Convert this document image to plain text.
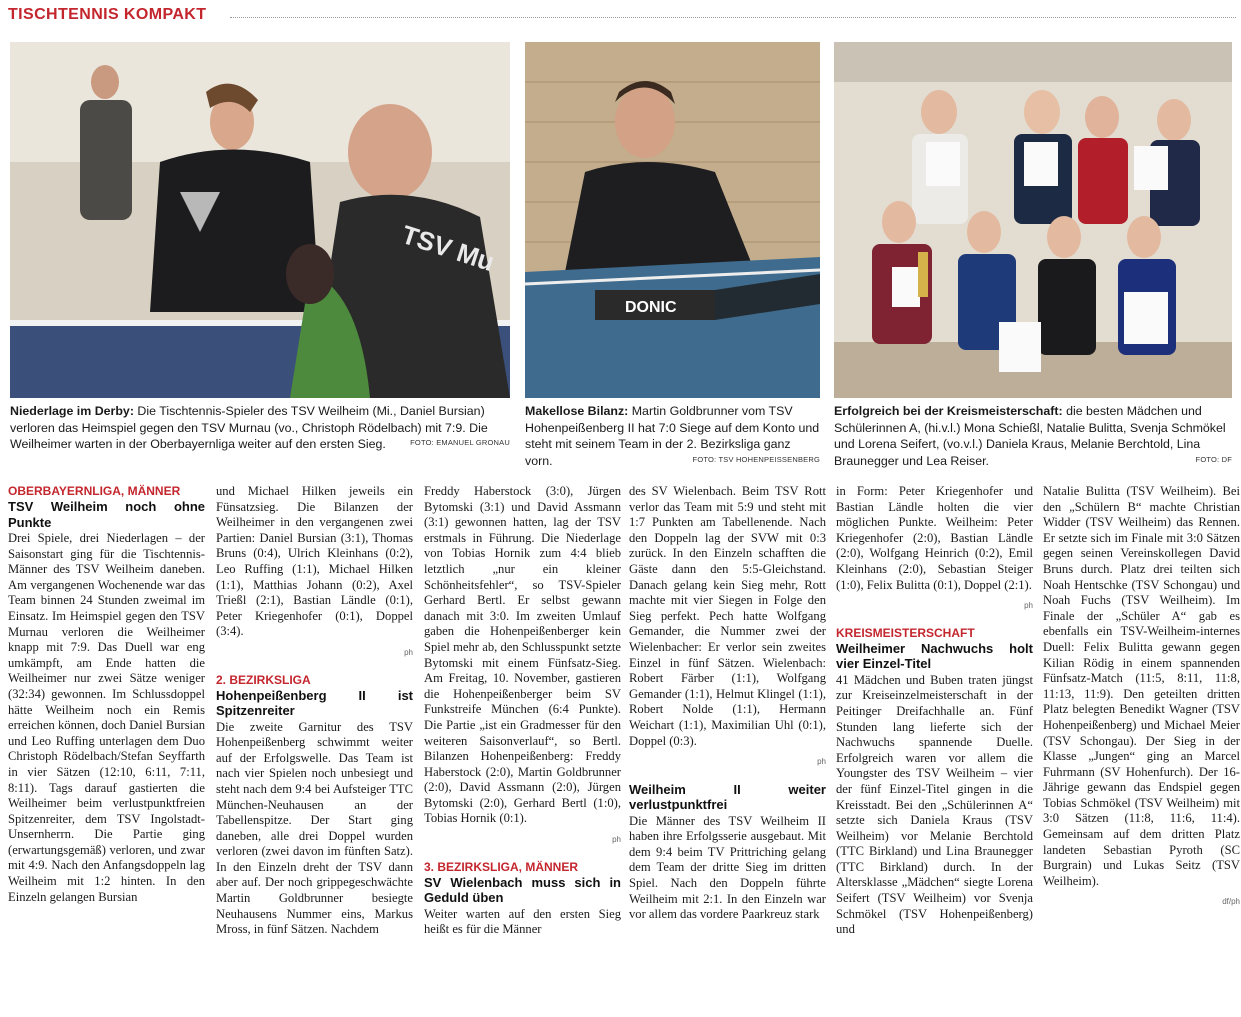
TISCHTENNIS KOMPAKT
TSV Mu
DONIC
Niederlage im Derby: Die Tischtennis-Spieler des TSV Weilheim (Mi., Daniel Bursian) verloren das Heimspiel gegen den TSV Murnau (vo., Christoph Rödelbach) mit 7:9. Die Weilheimer warten in der Oberbayernliga weiter auf den ersten Sieg.	FOTO: EMANUEL GRONAU
Makellose Bilanz: Martin Goldbrunner vom TSV Hohenpeißenberg II hat 7:0 Siege auf dem Konto und steht mit seinem Team in der 2. Bezirksliga ganz vorn.	FOTO: TSV HOHENPEISSENBERG
Erfolgreich bei der Kreismeisterschaft: die besten Mädchen und Schülerinnen A, (hi.v.l.) Mona Schießl, Natalie Bulitta, Svenja Schmökel und Lorena Seifert, (vo.v.l.) Daniela Kraus, Melanie Berchtold, Lina Braunegger und Lea Reiser.	FOTO: DF
OBERBAYERNLIGA, MÄNNER
TSV Weilheim noch ohne Punkte

Drei Spiele, drei Niederlagen – der Saisonstart ging für die Tischtennis-Männer des TSV Weilheim daneben. Am vergangenen Wochenende war das Team binnen 24 Stunden zweimal im Einsatz. Im Heimspiel gegen den TSV Murnau verloren die Weilheimer knapp mit 7:9. Das Duell war eng umkämpft, am Ende hatten die Weilheimer nur zwei Sätze weniger (32:34) gewonnen. Im Schlussdoppel hätte Weilheim noch ein Remis erreichen können, doch Daniel Bursian und Leo Ruffing unterlagen dem Duo Christoph Rödelbach/Stefan Seyffarth in vier Sätzen (12:10, 6:11, 7:11, 8:11). Tags darauf gastierten die Weilheimer beim verlustpunktfreien Spitzenreiter, dem TSV Ingolstadt-Unsernherrn. Die Partie ging (erwartungsgemäß) verloren, und zwar mit 4:9. Nach den Anfangsdoppeln lag Weilheim mit 1:2 hinten. In den Einzeln gelangen Bursian

und Michael Hilken jeweils ein Fünsatzsieg. Die Bilanzen der Weilheimer in den vergangenen zwei Partien: Daniel Bursian (3:1), Thomas Bruns (0:4), Ulrich Kleinhans (0:2), Leo Ruffing (1:1), Michael Hilken (1:1), Matthias Johann (0:2), Axel Trießl (2:1), Bastian Ländle (0:1), Peter Kriegenhofer (0:1), Doppel (3:4).

ph
2. BEZIRKSLIGA
Hohenpeißenberg II ist Spitzenreiter

Die zweite Garnitur des TSV Hohenpeißenberg schwimmt weiter auf der Erfolgswelle. Das Team ist nach vier Spielen noch unbesiegt und steht nach dem 9:4 bei Aufsteiger TTC München-Neuhausen an der Tabellenspitze. Der Start ging daneben, alle drei Doppel wurden verloren (zwei davon im fünften Satz). In den Einzeln dreht der TSV dann aber auf. Der noch grippegeschwächte Martin Goldbrunner besiegte Neuhausens Nummer eins, Markus Mross, in fünf Sätzen. Nachdem

Freddy Haberstock (3:0), Jürgen Bytomski (3:1) und David Assmann (3:1) gewonnen hatten, lag der TSV erstmals in Führung. Die Niederlage von Tobias Hornik zum 4:4 blieb letztlich „nur ein kleiner Schönheitsfehler“, so TSV-Spieler Gerhard Bertl. Er selbst gewann danach mit 3:0. Im zweiten Umlauf gaben die Hohenpeißenberger kein Spiel mehr ab, den Schlusspunkt setzte Bytomski mit einem Fünfsatz-Sieg. Am Freitag, 10. November, gastieren die Hohenpeißenberger beim SV Funkstreife München (6:4 Punkte). Die Partie „ist ein Gradmesser für den weiteren Saisonverlauf“, so Bertl. Bilanzen Hohenpeißenberg: Freddy Haberstock (2:0), Martin Goldbrunner (2:0), David Assmann (2:0), Jürgen Bytomski (2:0), Gerhard Bertl (1:0), Tobias Hornik (0:1).

ph
3. BEZIRKSLIGA, MÄNNER
SV Wielenbach muss sich in Geduld üben

Weiter warten auf den ersten Sieg heißt es für die Männer

des SV Wielenbach. Beim TSV Rott verlor das Team mit 5:9 und steht mit 1:7 Punkten am Tabellenende. Nach den Doppeln lag der SVW mit 0:3 zurück. In den Einzeln schafften die Gäste dann den 5:5-Gleichstand. Danach gelang kein Sieg mehr, Rott machte mit vier Siegen in Folge den Sieg perfekt. Pech hatte Wolfgang Gemander, die Nummer zwei der Wielenbacher: Er verlor sein zweites Einzel in fünf Sätzen. Wielenbach: Robert Färber (1:1), Wolfgang Gemander (1:1), Helmut Klingel (1:1), Robert Nolde (1:1), Hermann Weichart (1:1), Maximilian Uhl (0:1), Doppel (0:3).

ph
Weilheim II weiter verlustpunktfrei

Die Männer des TSV Weilheim II haben ihre Erfolgsserie ausgebaut. Mit dem 9:4 beim TV Prittriching gelang dem Team der dritte Sieg im dritten Spiel. Nach den Doppeln führte Weilheim mit 2:1. In den Einzeln war vor allem das vordere Paarkreuz stark

in Form: Peter Kriegenhofer und Bastian Ländle holten die vier möglichen Punkte. Weilheim: Peter Kriegenhofer (2:0), Bastian Ländle (2:0), Wolfgang Heinrich (0:2), Emil Kleinhans (2:0), Sebastian Steiger (1:0), Felix Bulitta (0:1), Doppel (2:1).

ph
KREISMEISTERSCHAFT
Weilheimer Nachwuchs holt vier Einzel-Titel

41 Mädchen und Buben traten jüngst zur Kreiseinzelmeisterschaft in der Peitinger Dreifachhalle an. Fünf Stunden lang lieferte sich der Nachwuchs spannende Duelle. Erfolgreich waren vor allem die Youngster des TSV Weilheim – vier der fünf Einzel-Titel gingen in die Kreisstadt. Bei den „Schülerinnen A“ setzte sich Daniela Kraus (TSV Weilheim) vor Melanie Berchtold (TTC Birkland) und Lina Braunegger (TTC Birkland) durch. In der Altersklasse „Mädchen“ siegte Lorena Seifert (TSV Weilheim) vor Svenja Schmökel (TSV Hohenpeißenberg) und

Natalie Bulitta (TSV Weilheim). Bei den „Schülern B“ machte Christian Widder (TSV Weilheim) das Rennen. Er setzte sich im Finale mit 3:0 Sätzen gegen seinen Vereinskollegen David Bruns durch. Platz drei teilten sich Noah Hentschke (TSV Schongau) und Noah Fuchs (TSV Weilheim). Im Finale der „Schüler A“ gab es ebenfalls ein TSV-Weilheim-internes Duell: Felix Bulitta gewann gegen Kilian Rödig in einem spannenden Fünfsatz-Match (11:5, 8:11, 11:8, 11:13, 11:9). Den geteilten dritten Platz belegten Benedikt Wagner (TSV Hohenpeißenberg) und Michael Meier (TSV Schongau). Der Sieg in der Klasse „Jungen“ ging an Marcel Fuhrmann (SV Hohenfurch). Der 16-Jährige gewann das Endspiel gegen Tobias Schmökel (TSV Weilheim) mit 3:0 Sätzen (11:8, 11:6, 11:4). Gemeinsam auf dem dritten Platz landeten Sebastian Pyroth (SC Burgrain) und Lukas Seitz (TSV Weilheim).

df/ph
